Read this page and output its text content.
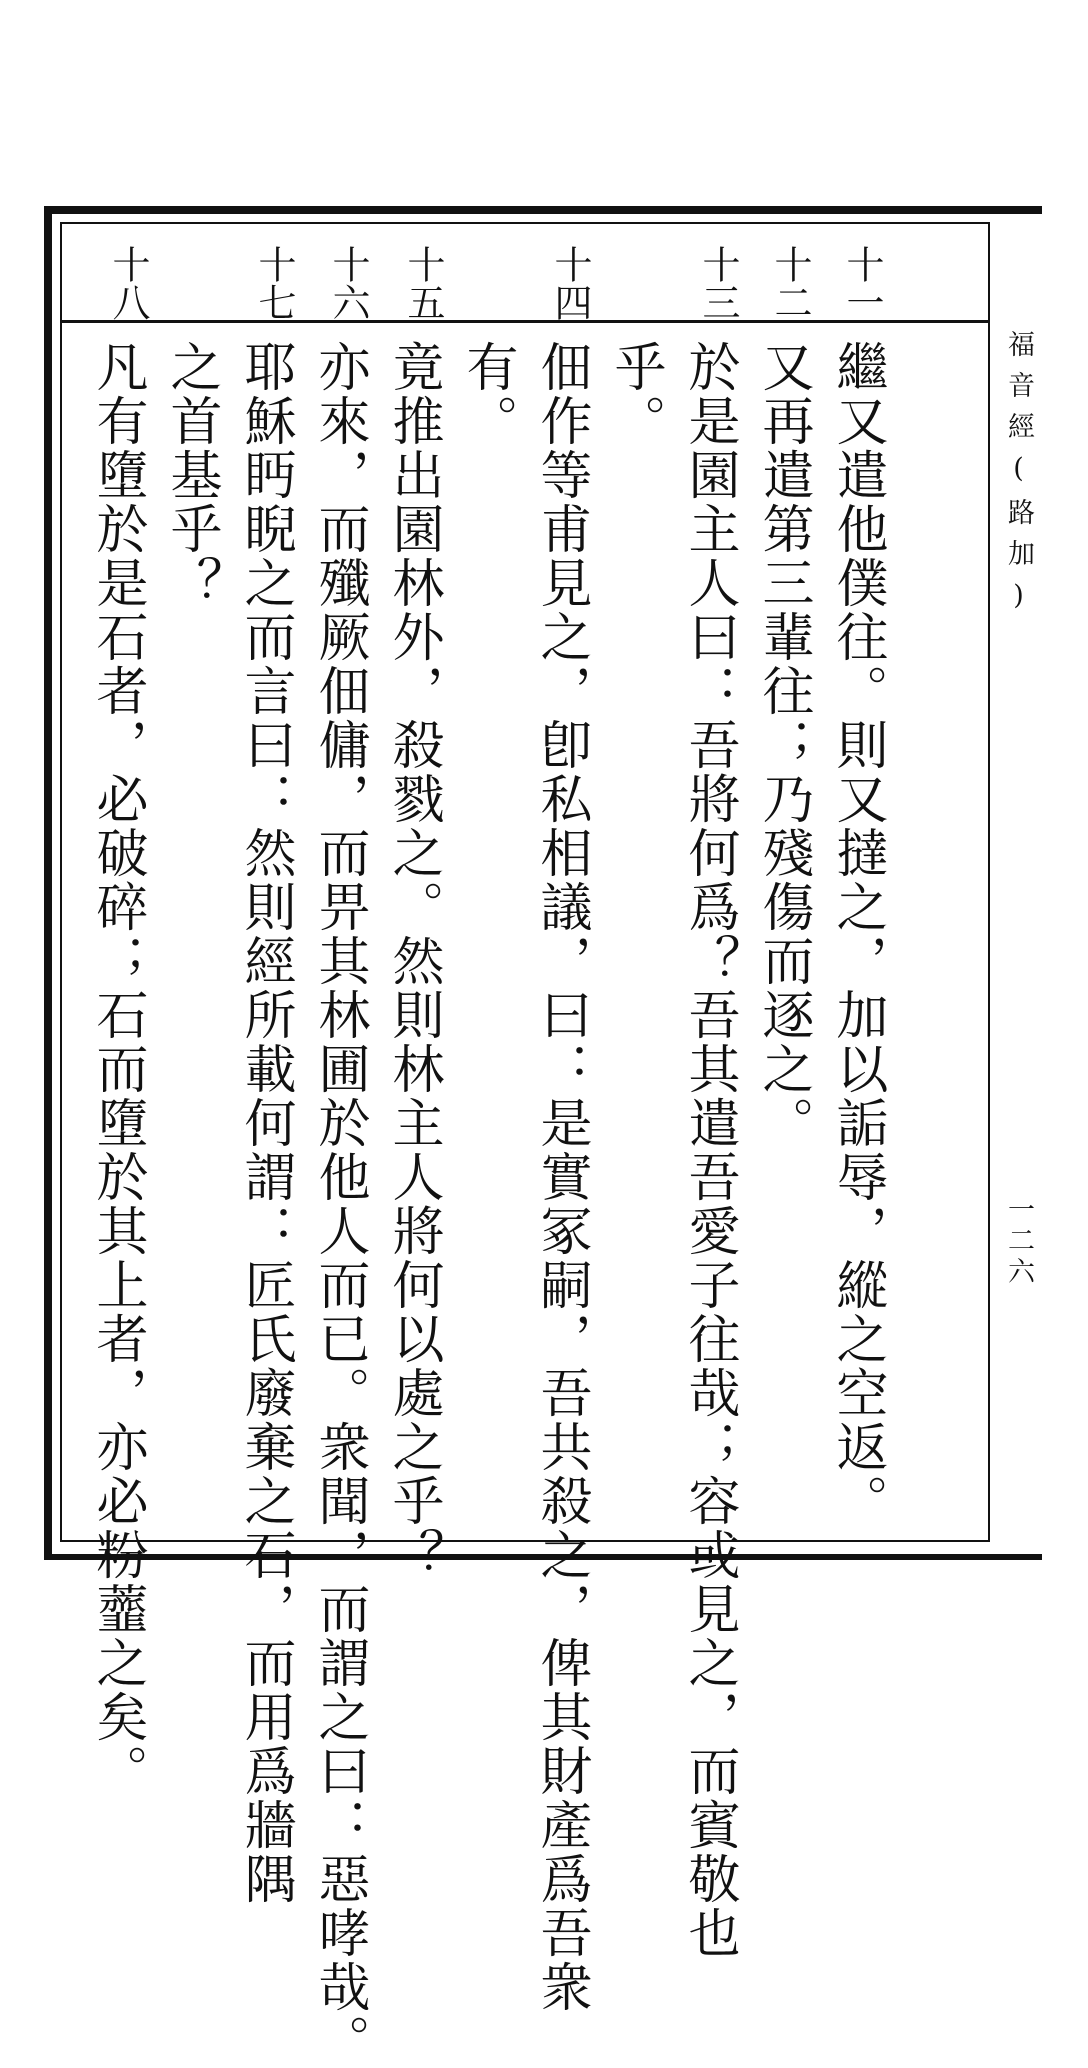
十一
十二
十三
十四
十五
十六
十七
十八
繼又遣他僕往。則又撻之，加以詬辱，縱之空返。
又再遣第三輩往；乃殘傷而逐之。
於是園主人曰：吾將何爲？吾其遣吾愛子往哉；容或見之，而賓敬也
乎。
佃作等甫見之，卽私相議，曰：是實冢嗣，吾共殺之，俾其財產爲吾衆
有。
竟推出園林外，殺戮之。然則林主人將何以處之乎？
亦來，而殲厥佃傭，而畀其林圃於他人而已。衆聞，而謂之曰：惡哮哉。
耶穌眄睨之而言曰：然則經所載何謂：匠氏廢棄之石，而用爲牆隅
之首基乎？
凡有墮於是石者，必破碎；石而墮於其上者，亦必粉虀之矣。	福音經(路加)
一二六
